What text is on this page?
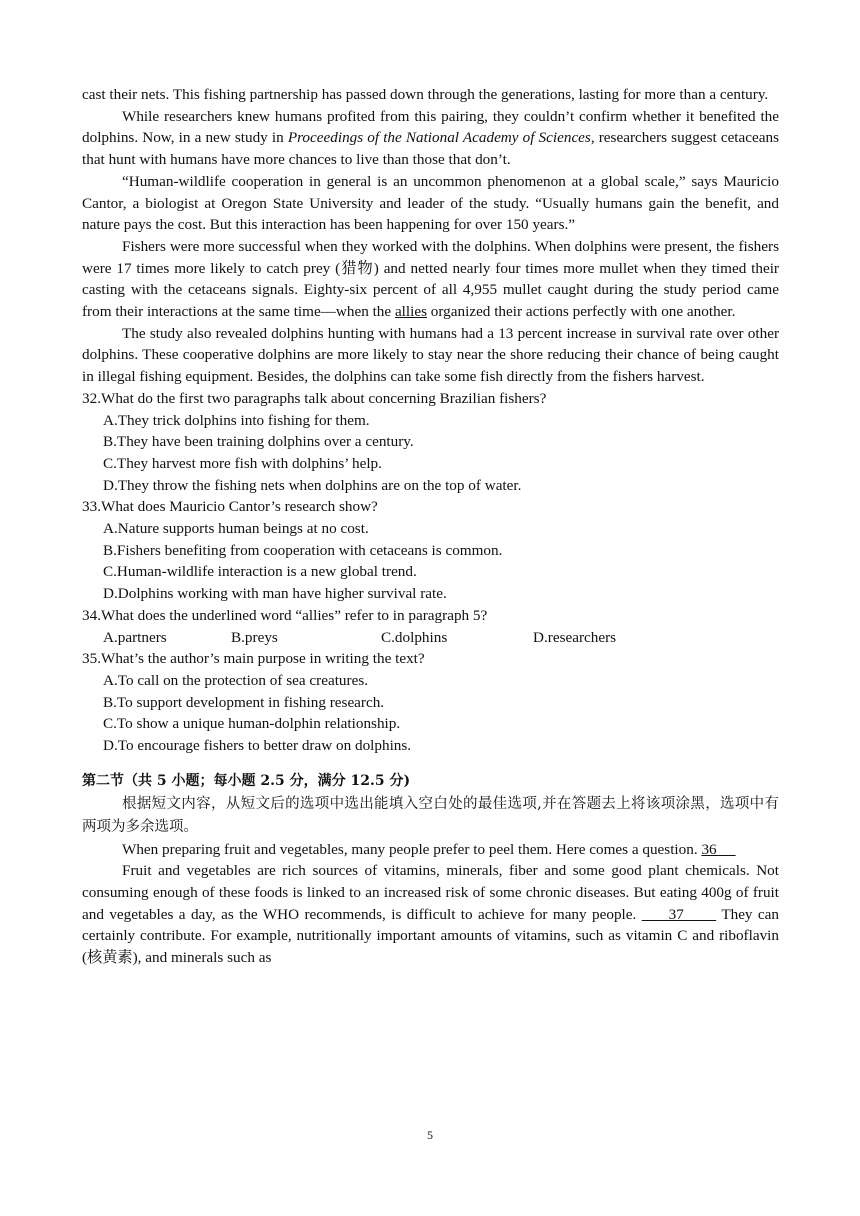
cast their nets. This fishing partnership has passed down through the generations, lasting for more than a century.

While researchers knew humans profited from this pairing, they couldn’t confirm whether it benefited the dolphins. Now, in a new study in Proceedings of the National Academy of Sciences, researchers suggest cetaceans that hunt with humans have more chances to live than those that don’t.

“Human-wildlife cooperation in general is an uncommon phenomenon at a global scale,” says Mauricio Cantor, a biologist at Oregon State University and leader of the study. “Usually humans gain the benefit, and nature pays the cost. But this interaction has been happening for over 150 years.”

Fishers were more successful when they worked with the dolphins. When dolphins were present, the fishers were 17 times more likely to catch prey (猎物) and netted nearly four times more mullet when they timed their casting with the cetaceans signals. Eighty-six percent of all 4,955 mullet caught during the study period came from their interactions at the same time—when the allies organized their actions perfectly with one another.

The study also revealed dolphins hunting with humans had a 13 percent increase in survival rate over other dolphins. These cooperative dolphins are more likely to stay near the shore reducing their chance of being caught in illegal fishing equipment. Besides, the dolphins can take some fish directly from the fishers harvest.

32.What do the first two paragraphs talk about concerning Brazilian fishers?

A.They trick dolphins into fishing for them.

B.They have been training dolphins over a century.

C.They harvest more fish with dolphins’ help.

D.They throw the fishing nets when dolphins are on the top of water.

33.What does Mauricio Cantor’s research show?

A.Nature supports human beings at no cost.

B.Fishers benefiting from cooperation with cetaceans is common.

C.Human-wildlife interaction is a new global trend.

D.Dolphins working with man have higher survival rate.

34.What does the underlined word “allies” refer to in paragraph 5?

A.partners	B.preys	C.dolphins	D.researchers

35.What’s the author’s main purpose in writing the text?

A.To call on the protection of sea creatures.

B.To support development in fishing research.

C.To show a unique human-dolphin relationship.

D.To encourage fishers to better draw on dolphins.

第二节（共 5 小题；每小题 2.5 分，满分 12.5 分)

根据短文内容，从短文后的选项中选出能填入空白处的最佳选项,并在答题去上将该项涂黑，选项中有两项为多余选项。

When preparing fruit and vegetables, many people prefer to peel them. Here comes a question. 36

Fruit and vegetables are rich sources of vitamins, minerals, fiber and some good plant chemicals. Not consuming enough of these foods is linked to an increased risk of some chronic diseases. But eating 400g of fruit and vegetables a day, as the WHO recommends, is difficult to achieve for many people.      37       They can certainly contribute. For example, nutritionally important amounts of vitamins, such as vitamin C and riboflavin (核黄素), and minerals such as

5
